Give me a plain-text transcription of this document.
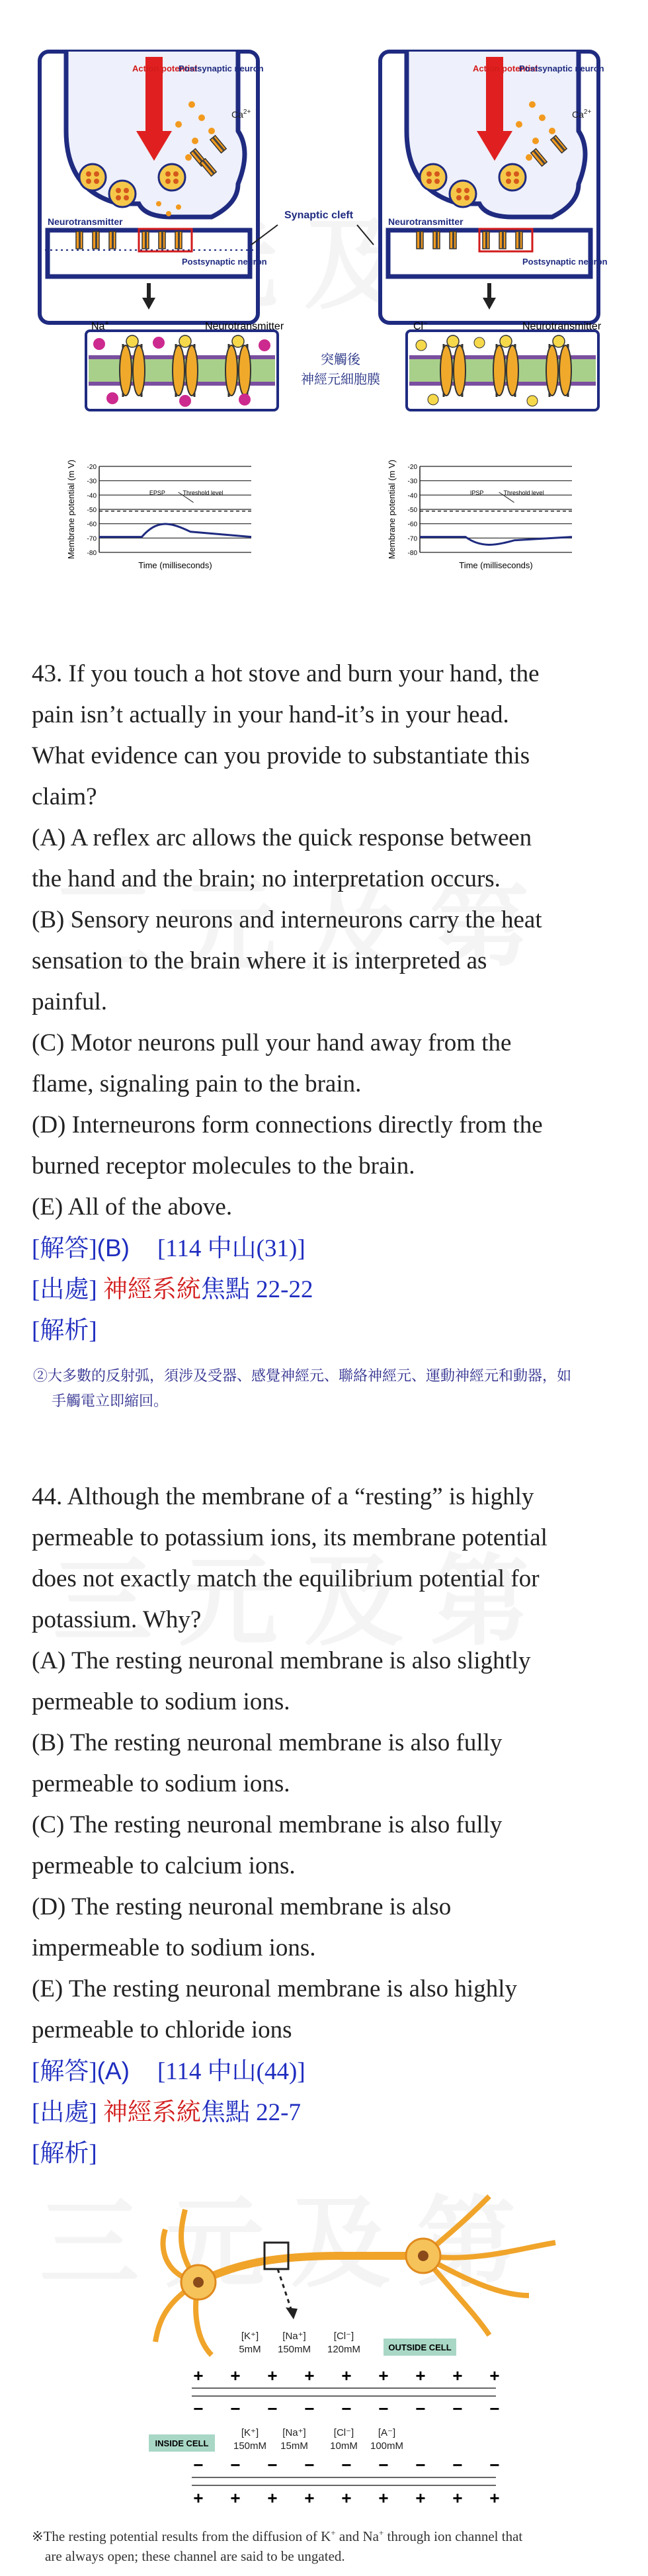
Action potential
Postsynaptic neuron
$Ca^{2+}$
Neurotransmitter
Postsynaptic neuron
Synaptic cleft
Action potential
Postsynaptic neuron
$Ca^{2+}$
Neurotransmitter
Postsynaptic neuron
Na+	Neurotransmitter	Cl−	Neurotransmitter
突觸後
神經元細胞膜
Membrane potential (m V) -20
-30
-40
-50
-60
-70
-80
EPSP	Threshold level
Time (milliseconds)
Membrane potential (m V) -20
-30
-40
-50
-60
-70
-80
IPSP	Threshold level
Time (milliseconds)

43. If you touch a hot stove and burn your hand, the

pain isn’t actually in your hand-it’s in your head.

What evidence can you provide to substantiate this

claim?

(A) A reflex arc allows the quick response between

the hand and the brain; no interpretation occurs.

(B) Sensory neurons and interneurons carry the heat

sensation to the brain where it is interpreted as

painful.

(C) Motor neurons pull your hand away from the

flame, signaling pain to the brain.

(D) Interneurons form connections directly from the

burned receptor molecules to the brain.

(E) All of the above.

[解答](B) [114 中山(31)]

[出處] 神經系統焦點 22-22

[解析]

②大多數的反射弧，須涉及受器、感覺神經元、聯絡神經元、運動神經元和動器，如
手觸電立即縮回。

44. Although the membrane of a “resting” is highly

permeable to potassium ions, its membrane potential

does not exactly match the equilibrium potential for

potassium. Why?

(A) The resting neuronal membrane is also slightly

permeable to sodium ions.

(B) The resting neuronal membrane is also fully

permeable to sodium ions.

(C) The resting neuronal membrane is also fully

permeable to calcium ions.

(D) The resting neuronal membrane is also

impermeable to sodium ions.

(E) The resting neuronal membrane is also highly

permeable to chloride ions

[解答](A) [114 中山(44)]

[出處] 神經系統焦點 22-7

[解析]

[K⁺] [Na⁺]	[Cl⁻]
5mM 150mM 120mM	OUTSIDE CELL
+ + + + + + + + +
− − − − − − − − −
INSIDE CELL
[K⁺] [Na⁺]	[Cl⁻] [A⁻]
150mM 15mM 10mM 100mM
− − − − − − − − −
+ + + + + + + + +
※The resting potential results from the diffusion of K+ and Na+ through ion channel that
are always open; these channel are said to be ungated.
